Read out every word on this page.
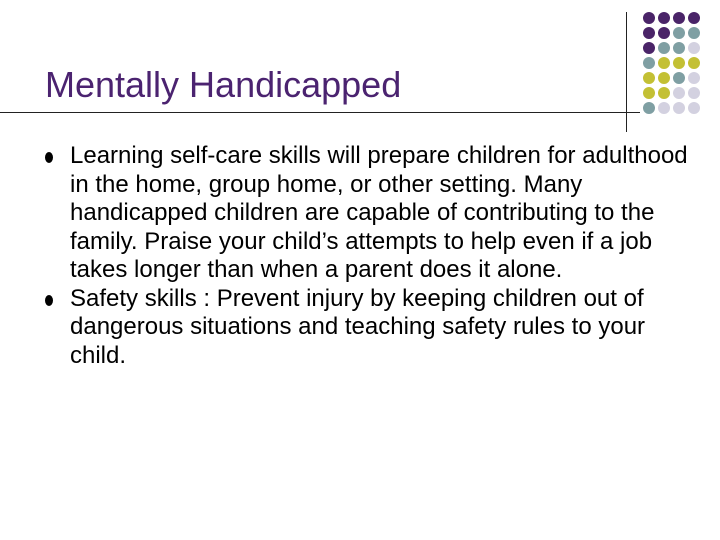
Mentally Handicapped
Learning self-care skills will prepare children for adulthood in the home, group home, or other setting. Many handicapped children are capable of contributing to the family. Praise your child’s attempts to help even if a job takes longer than when a parent does it alone.
Safety skills : Prevent injury by keeping children out of dangerous situations and teaching safety rules to your child.
